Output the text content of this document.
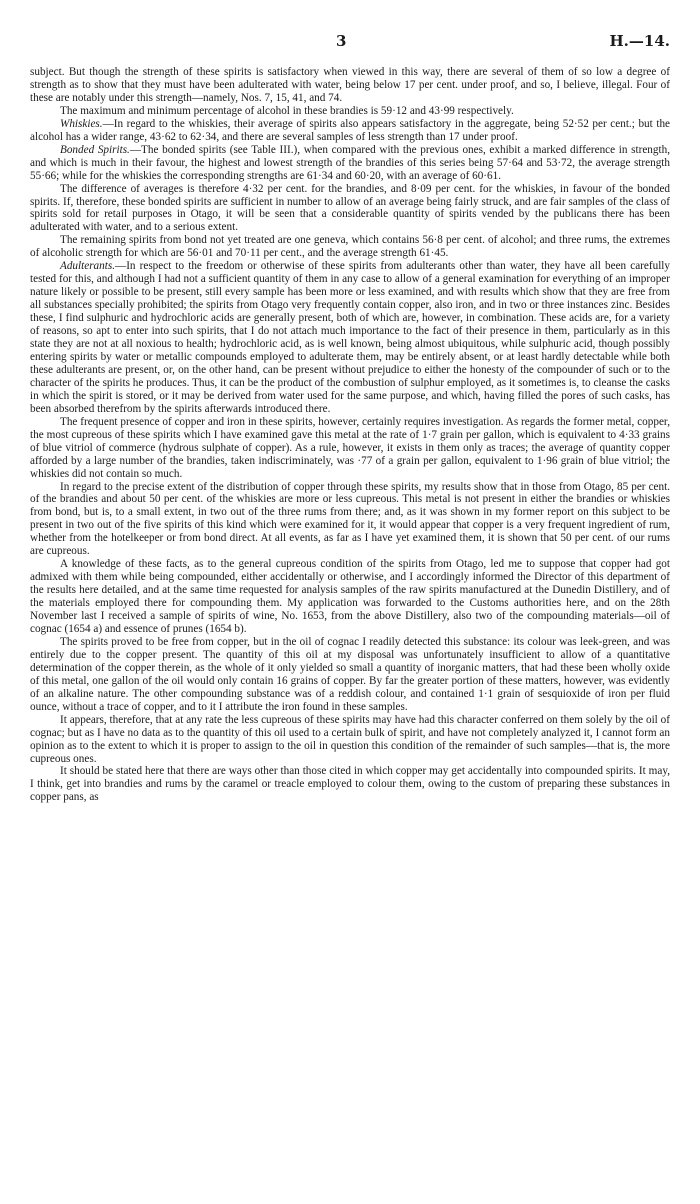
3	H.—14.

subject. But though the strength of these spirits is satisfactory when viewed in this way, there are several of them of so low a degree of strength as to show that they must have been adulterated with water, being below 17 per cent. under proof, and so, I believe, illegal. Four of these are notably under this strength—namely, Nos. 7, 15, 41, and 74.

The maximum and minimum percentage of alcohol in these brandies is 59·12 and 43·99 respectively.

Whiskies.—In regard to the whiskies, their average of spirits also appears satisfactory in the aggregate, being 52·52 per cent.; but the alcohol has a wider range, 43·62 to 62·34, and there are several samples of less strength than 17 under proof.

Bonded Spirits.—The bonded spirits (see Table III.), when compared with the previous ones, exhibit a marked difference in strength, and which is much in their favour, the highest and lowest strength of the brandies of this series being 57·64 and 53·72, the average strength 55·66; while for the whiskies the corresponding strengths are 61·34 and 60·20, with an average of 60·61.

The difference of averages is therefore 4·32 per cent. for the brandies, and 8·09 per cent. for the whiskies, in favour of the bonded spirits. If, therefore, these bonded spirits are sufficient in number to allow of an average being fairly struck, and are fair samples of the class of spirits sold for retail purposes in Otago, it will be seen that a considerable quantity of spirits vended by the publicans there has been adulterated with water, and to a serious extent.

The remaining spirits from bond not yet treated are one geneva, which contains 56·8 per cent. of alcohol; and three rums, the extremes of alcoholic strength for which are 56·01 and 70·11 per cent., and the average strength 61·45.

Adulterants.—In respect to the freedom or otherwise of these spirits from adulterants other than water, they have all been carefully tested for this, and although I had not a sufficient quantity of them in any case to allow of a general examination for everything of an improper nature likely or possible to be present, still every sample has been more or less examined, and with results which show that they are free from all substances specially prohibited; the spirits from Otago very frequently contain copper, also iron, and in two or three instances zinc. Besides these, I find sulphuric and hydrochloric acids are generally present, both of which are, however, in combination. These acids are, for a variety of reasons, so apt to enter into such spirits, that I do not attach much importance to the fact of their presence in them, particularly as in this state they are not at all noxious to health; hydrochloric acid, as is well known, being almost ubiquitous, while sulphuric acid, though possibly entering spirits by water or metallic compounds employed to adulterate them, may be entirely absent, or at least hardly detectable while both these adulterants are present, or, on the other hand, can be present without prejudice to either the honesty of the compounder of such or to the character of the spirits he produces. Thus, it can be the product of the combustion of sulphur employed, as it sometimes is, to cleanse the casks in which the spirit is stored, or it may be derived from water used for the same purpose, and which, having filled the pores of such casks, has been absorbed therefrom by the spirits afterwards introduced there.

The frequent presence of copper and iron in these spirits, however, certainly requires investigation. As regards the former metal, copper, the most cupreous of these spirits which I have examined gave this metal at the rate of 1·7 grain per gallon, which is equivalent to 4·33 grains of blue vitriol of commerce (hydrous sulphate of copper). As a rule, however, it exists in them only as traces; the average of quantity copper afforded by a large number of the brandies, taken indiscriminately, was ·77 of a grain per gallon, equivalent to 1·96 grain of blue vitriol; the whiskies did not contain so much.

In regard to the precise extent of the distribution of copper through these spirits, my results show that in those from Otago, 85 per cent. of the brandies and about 50 per cent. of the whiskies are more or less cupreous. This metal is not present in either the brandies or whiskies from bond, but is, to a small extent, in two out of the three rums from there; and, as it was shown in my former report on this subject to be present in two out of the five spirits of this kind which were examined for it, it would appear that copper is a very frequent ingredient of rum, whether from the hotelkeeper or from bond direct. At all events, as far as I have yet examined them, it is shown that 50 per cent. of our rums are cupreous.

A knowledge of these facts, as to the general cupreous condition of the spirits from Otago, led me to suppose that copper had got admixed with them while being compounded, either accidentally or otherwise, and I accordingly informed the Director of this department of the results here detailed, and at the same time requested for analysis samples of the raw spirits manufactured at the Dunedin Distillery, and of the materials employed there for compounding them. My application was forwarded to the Customs authorities here, and on the 28th November last I received a sample of spirits of wine, No. 1653, from the above Distillery, also two of the compounding materials—oil of cognac (1654 a) and essence of prunes (1654 b).

The spirits proved to be free from copper, but in the oil of cognac I readily detected this substance: its colour was leek-green, and was entirely due to the copper present. The quantity of this oil at my disposal was unfortunately insufficient to allow of a quantitative determination of the copper therein, as the whole of it only yielded so small a quantity of inorganic matters, that had these been wholly oxide of this metal, one gallon of the oil would only contain 16 grains of copper. By far the greater portion of these matters, however, was evidently of an alkaline nature. The other compounding substance was of a reddish colour, and contained 1·1 grain of sesquioxide of iron per fluid ounce, without a trace of copper, and to it I attribute the iron found in these samples.

It appears, therefore, that at any rate the less cupreous of these spirits may have had this character conferred on them solely by the oil of cognac; but as I have no data as to the quantity of this oil used to a certain bulk of spirit, and have not completely analyzed it, I cannot form an opinion as to the extent to which it is proper to assign to the oil in question this condition of the remainder of such samples—that is, the more cupreous ones.

It should be stated here that there are ways other than those cited in which copper may get accidentally into compounded spirits. It may, I think, get into brandies and rums by the caramel or treacle employed to colour them, owing to the custom of preparing these substances in copper pans, as
